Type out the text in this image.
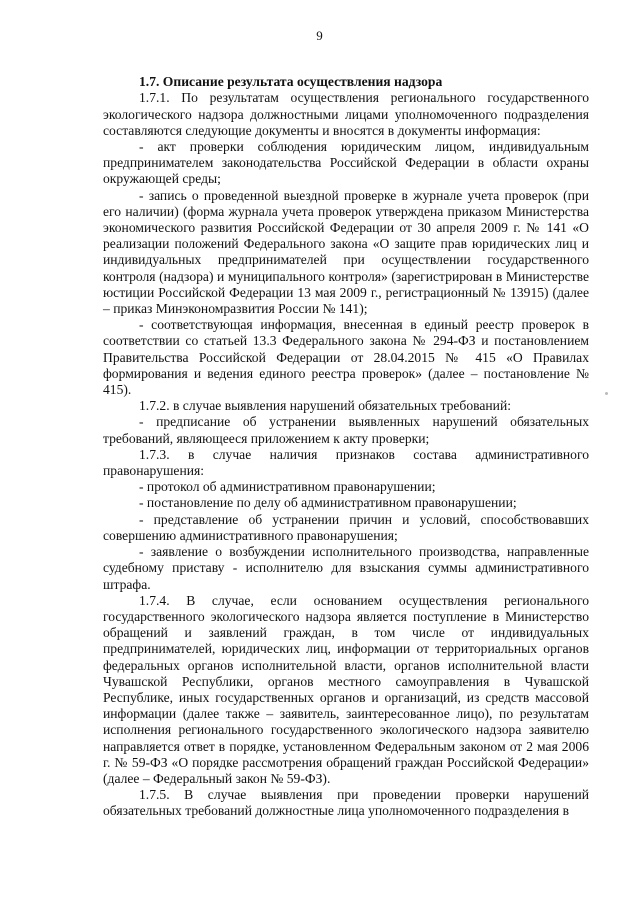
9

1.7. Описание результата осуществления надзора

1.7.1. По результатам осуществления регионального государственного экологического надзора должностными лицами уполномоченного подразделения составляются следующие документы и вносятся в документы информация:

- акт проверки соблюдения юридическим лицом, индивидуальным предпринимателем законодательства Российской Федерации в области охраны окружающей среды;

- запись о проведенной выездной проверке в журнале учета проверок (при его наличии) (форма журнала учета проверок утверждена приказом Министерства экономического развития Российской Федерации от 30 апреля 2009 г. № 141 «О реализации положений Федерального закона «О защите прав юридических лиц и индивидуальных предпринимателей при осуществлении государственного контроля (надзора) и муниципального контроля» (зарегистрирован в Министерстве юстиции Российской Федерации 13 мая 2009 г., регистрационный № 13915) (далее – приказ Минэкономразвития России № 141);

- соответствующая информация, внесенная в единый реестр проверок в соответствии со статьей 13.3 Федерального закона № 294-ФЗ и постановлением Правительства Российской Федерации от 28.04.2015 № 415 «О Правилах формирования и ведения единого реестра проверок» (далее – постановление № 415).

1.7.2. в случае выявления нарушений обязательных требований:

- предписание об устранении выявленных нарушений обязательных требований, являющееся приложением к акту проверки;

1.7.3. в случае наличия признаков состава административного правонарушения:

- протокол об административном правонарушении;

- постановление по делу об административном правонарушении;

- представление об устранении причин и условий, способствовавших совершению административного правонарушения;

- заявление о возбуждении исполнительного производства, направленные судебному приставу - исполнителю для взыскания суммы административного штрафа.

1.7.4. В случае, если основанием осуществления регионального государственного экологического надзора является поступление в Министерство обращений и заявлений граждан, в том числе от индивидуальных предпринимателей, юридических лиц, информации от территориальных органов федеральных органов исполнительной власти, органов исполнительной власти Чувашской Республики, органов местного самоуправления в Чувашской Республике, иных государственных органов и организаций, из средств массовой информации (далее также – заявитель, заинтересованное лицо), по результатам исполнения регионального государственного экологического надзора заявителю направляется ответ в порядке, установленном Федеральным законом от 2 мая 2006 г. № 59-ФЗ «О порядке рассмотрения обращений граждан Российской Федерации» (далее – Федеральный закон № 59-ФЗ).

1.7.5. В случае выявления при проведении проверки нарушений обязательных требований должностные лица уполномоченного подразделения в
